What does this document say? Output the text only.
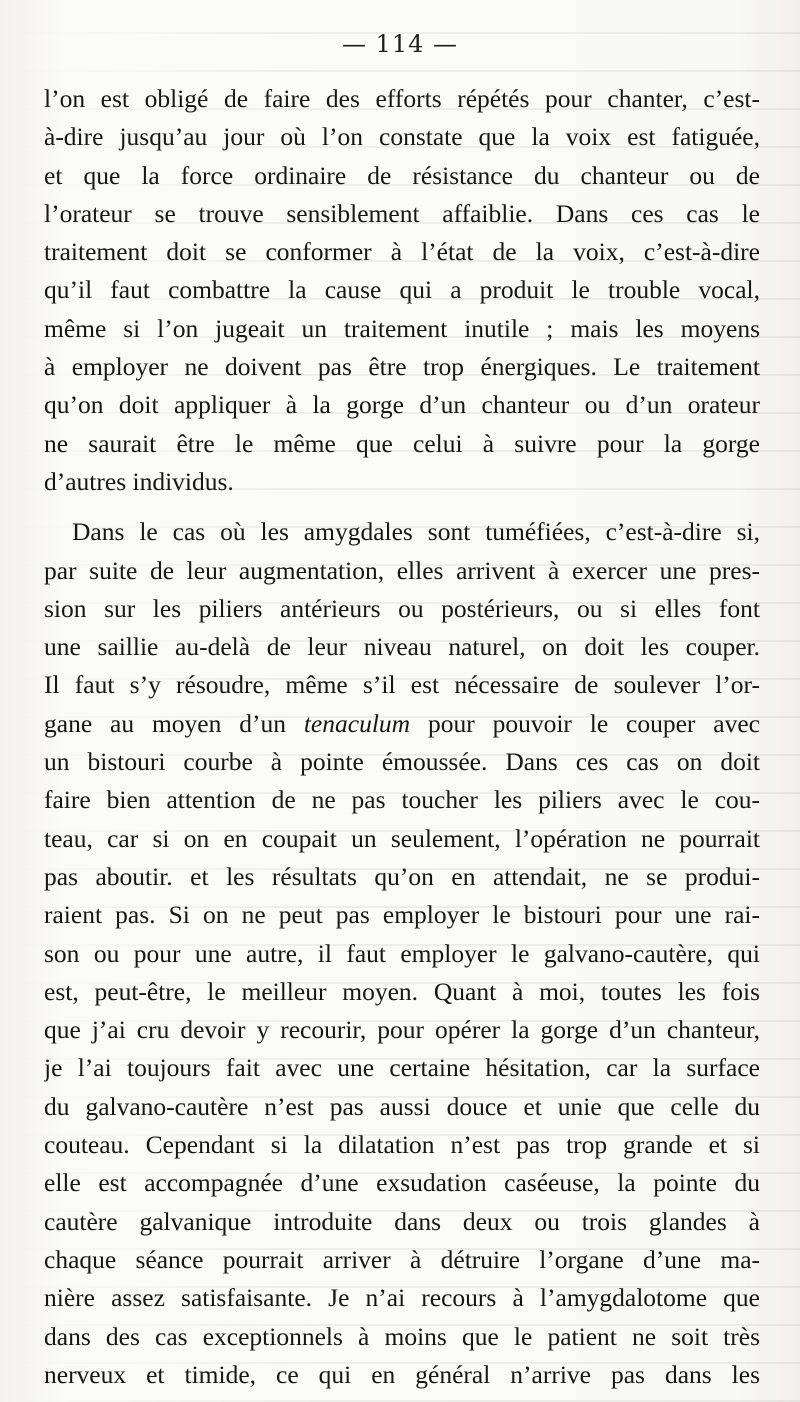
— 114 —
l’on est obligé de faire des efforts répétés pour chanter, c’est-
à-dire jusqu’au jour où l’on constate que la voix est fatiguée,
et que la force ordinaire de résistance du chanteur ou de
l’orateur se trouve sensiblement affaiblie. Dans ces cas le
traitement doit se conformer à l’état de la voix, c’est-à-dire
qu’il faut combattre la cause qui a produit le trouble vocal,
même si l’on jugeait un traitement inutile ; mais les moyens
à employer ne doivent pas être trop énergiques. Le traitement
qu’on doit appliquer à la gorge d’un chanteur ou d’un orateur
ne saurait être le même que celui à suivre pour la gorge
d’autres individus.
Dans le cas où les amygdales sont tuméfiées, c’est-à-dire si,
par suite de leur augmentation, elles arrivent à exercer une pres-
sion sur les piliers antérieurs ou postérieurs, ou si elles font
une saillie au-delà de leur niveau naturel, on doit les couper.
Il faut s’y résoudre, même s’il est nécessaire de soulever l’or-
gane au moyen d’un tenaculum pour pouvoir le couper avec
un bistouri courbe à pointe émoussée. Dans ces cas on doit
faire bien attention de ne pas toucher les piliers avec le cou-
teau, car si on en coupait un seulement, l’opération ne pourrait
pas aboutir. et les résultats qu’on en attendait, ne se produi-
raient pas. Si on ne peut pas employer le bistouri pour une rai-
son ou pour une autre, il faut employer le galvano-cautère, qui
est, peut-être, le meilleur moyen. Quant à moi, toutes les fois
que j’ai cru devoir y recourir, pour opérer la gorge d’un chanteur,
je l’ai toujours fait avec une certaine hésitation, car la surface
du galvano-cautère n’est pas aussi douce et unie que celle du
couteau. Cependant si la dilatation n’est pas trop grande et si
elle est accompagnée d’une exsudation caséeuse, la pointe du
cautère galvanique introduite dans deux ou trois glandes à
chaque séance pourrait arriver à détruire l’organe d’une ma-
nière assez satisfaisante. Je n’ai recours à l’amygdalotome que
dans des cas exceptionnels à moins que le patient ne soit très
nerveux et timide, ce qui en général n’arrive pas dans les
